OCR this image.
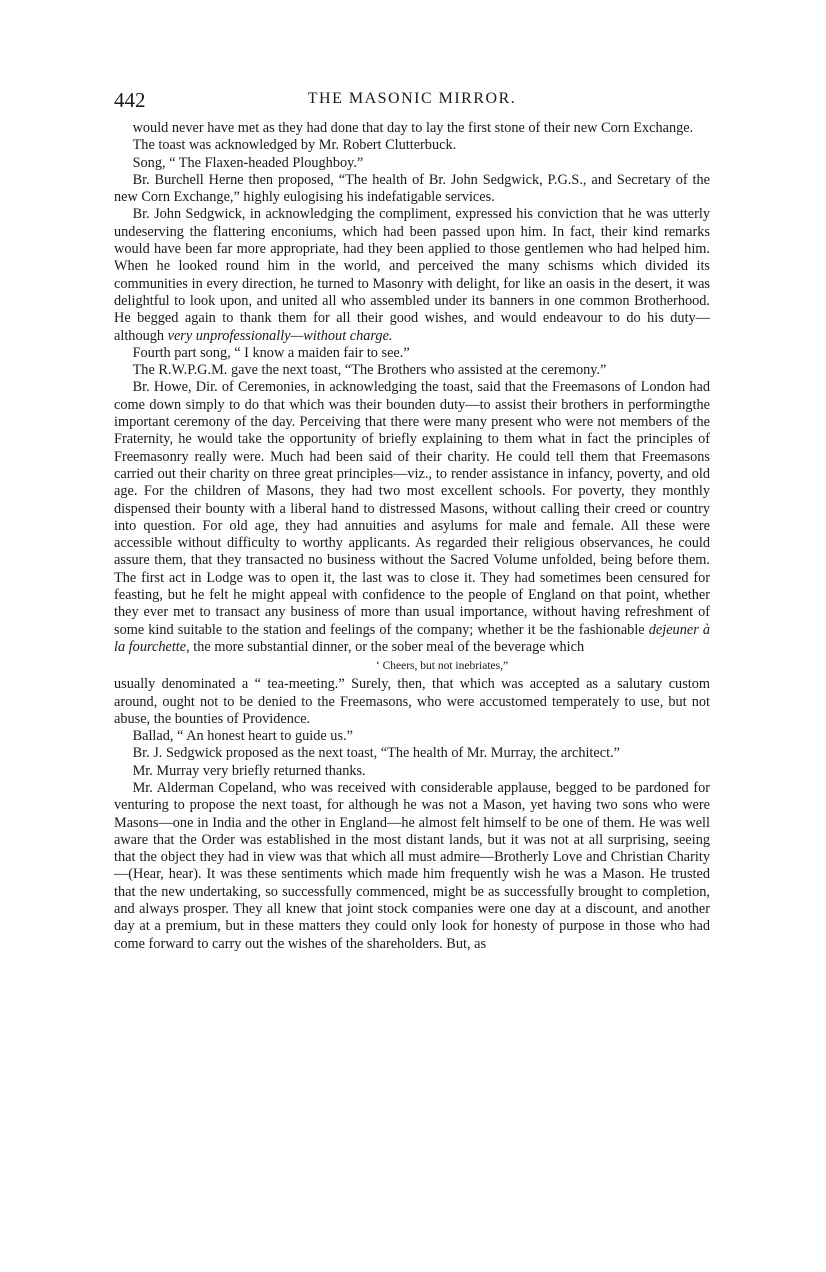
442	THE MASONIC MIRROR.

would never have met as they had done that day to lay the first stone of their new Corn Exchange.

The toast was acknowledged by Mr. Robert Clutterbuck.

Song, “ The Flaxen-headed Ploughboy.”

Br. Burchell Herne then proposed, “The health of Br. John Sedgwick, P.G.S., and Secretary of the new Corn Exchange,” highly eulogising his indefatigable services.

Br. John Sedgwick, in acknowledging the compliment, expressed his conviction that he was utterly undeserving the flattering enconiums, which had been passed upon him. In fact, their kind remarks would have been far more appropriate, had they been applied to those gentlemen who had helped him. When he looked round him in the world, and perceived the many schisms which divided its communities in every direction, he turned to Masonry with delight, for like an oasis in the desert, it was delightful to look upon, and united all who assembled under its banners in one common Brotherhood. He begged again to thank them for all their good wishes, and would endeavour to do his duty—although very unprofessionally—without charge.

Fourth part song, “ I know a maiden fair to see.”

The R.W.P.G.M. gave the next toast, “The Brothers who assisted at the ceremony.”

Br. Howe, Dir. of Ceremonies, in acknowledging the toast, said that the Freemasons of London had come down simply to do that which was their bounden duty—to assist their brothers in performingthe important ceremony of the day. Perceiving that there were many present who were not members of the Fraternity, he would take the opportunity of briefly explaining to them what in fact the principles of Freemasonry really were. Much had been said of their charity. He could tell them that Freemasons carried out their charity on three great principles—viz., to render assistance in infancy, poverty, and old age. For the children of Masons, they had two most excellent schools. For poverty, they monthly dispensed their bounty with a liberal hand to distressed Masons, without calling their creed or country into question. For old age, they had annuities and asylums for male and female. All these were accessible without difficulty to worthy applicants. As regarded their religious observances, he could assure them, that they transacted no business without the Sacred Volume unfolded, being before them. The first act in Lodge was to open it, the last was to close it. They had sometimes been censured for feasting, but he felt he might appeal with confidence to the people of England on that point, whether they ever met to transact any business of more than usual importance, without having refreshment of some kind suitable to the station and feelings of the company; whether it be the fashionable dejeuner à la fourchette, the more substantial dinner, or the sober meal of the beverage which

‘ Cheers, but not inebriates,”

usually denominated a “ tea-meeting.” Surely, then, that which was accepted as a salutary custom around, ought not to be denied to the Freemasons, who were accustomed temperately to use, but not abuse, the bounties of Providence.

Ballad, “ An honest heart to guide us.”

Br. J. Sedgwick proposed as the next toast, “The health of Mr. Murray, the architect.”

Mr. Murray very briefly returned thanks.

Mr. Alderman Copeland, who was received with considerable applause, begged to be pardoned for venturing to propose the next toast, for although he was not a Mason, yet having two sons who were Masons—one in India and the other in England—he almost felt himself to be one of them. He was well aware that the Order was established in the most distant lands, but it was not at all surprising, seeing that the object they had in view was that which all must admire—Brotherly Love and Christian Charity—(Hear, hear). It was these sentiments which made him frequently wish he was a Mason. He trusted that the new undertaking, so successfully commenced, might be as successfully brought to completion, and always prosper. They all knew that joint stock companies were one day at a discount, and another day at a premium, but in these matters they could only look for honesty of purpose in those who had come forward to carry out the wishes of the shareholders. But, as
